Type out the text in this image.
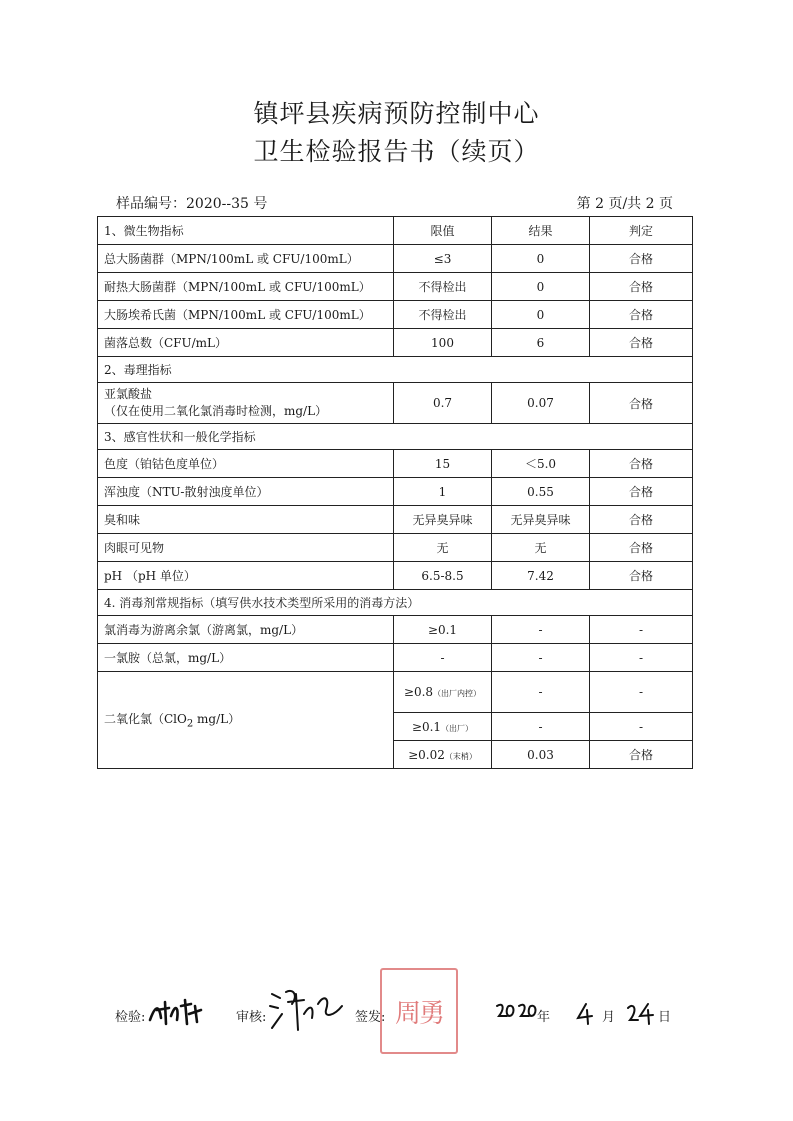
镇坪县疾病预防控制中心
卫生检验报告书（续页）
样品编号：2020--35 号	第 2 页/共 2 页
1、微生物指标	限值	结果	判定
总大肠菌群（MPN/100mL 或 CFU/100mL）	≤3	0	合格
耐热大肠菌群（MPN/100mL 或 CFU/100mL）	不得检出	0	合格
大肠埃希氏菌（MPN/100mL 或 CFU/100mL）	不得检出	0	合格
菌落总数（CFU/mL）	100	6	合格
2、毒理指标			

亚氯酸盐
（仅在使用二氧化氯消毒时检测，mg/L）	0.7	0.07	合格
3、感官性状和一般化学指标			
色度（铂钴色度单位）	15	＜5.0	合格
浑浊度（NTU-散射浊度单位）	1	0.55	合格
臭和味	无异臭异味	无异臭异味	合格
肉眼可见物	无	无	合格
pH （pH 单位）	6.5-8.5	7.42	合格
4. 消毒剂常规指标（填写供水技术类型所采用的消毒方法）			
氯消毒为游离余氯（游离氯，mg/L）	≥0.1	-	-
一氯胺（总氯，mg/L）	-	-	-
二氧化氯（ClO$_2$ mg/L）	≥0.8（出厂内控）	-	-
	≥0.1（出厂）	-	-
	≥0.02（末梢）	0.03	合格
检验:	审核:	签发: 周勇	年	月	日
